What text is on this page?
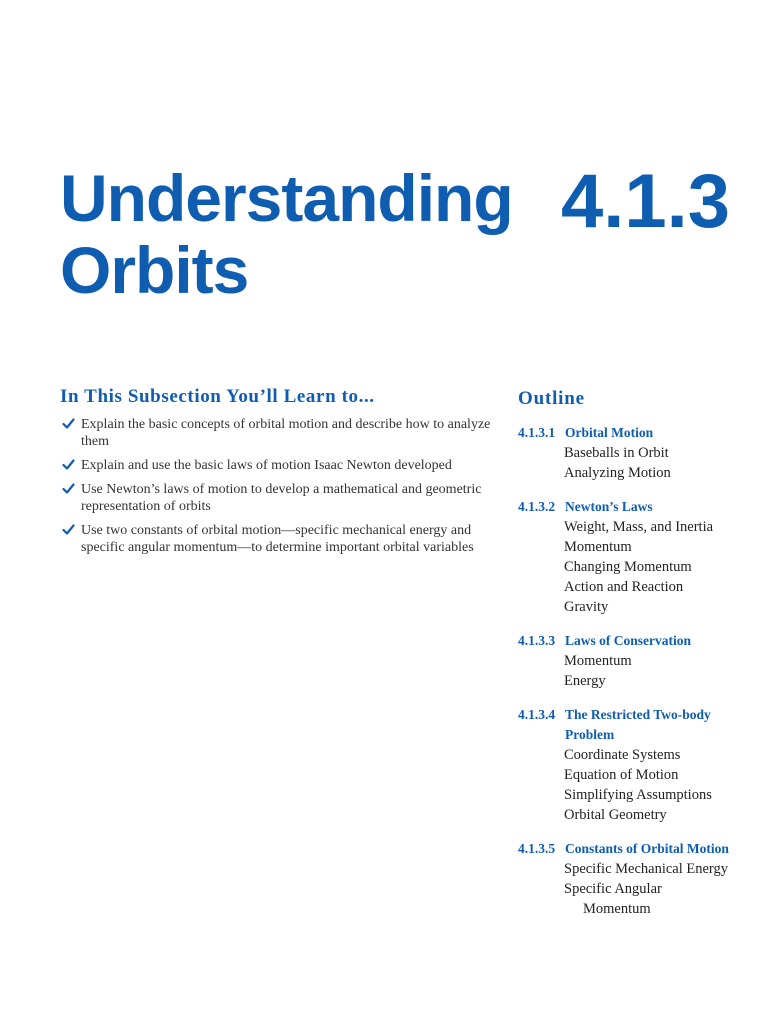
Understanding
Orbits
4.1.3
In This Subsection You’ll Learn to...
Explain the basic concepts of orbital motion and describe how to analyze them
Explain and use the basic laws of motion Isaac Newton developed
Use Newton’s laws of motion to develop a mathematical and geometric representation of orbits
Use two constants of orbital motion—specific mechanical energy and specific angular momentum—to determine important orbital variables
Outline
4.1.3.1 Orbital Motion
Baseballs in Orbit
Analyzing Motion
4.1.3.2 Newton’s Laws
Weight, Mass, and Inertia
Momentum
Changing Momentum
Action and Reaction
Gravity
4.1.3.3 Laws of Conservation
Momentum
Energy
4.1.3.4 The Restricted Two-body Problem
Coordinate Systems
Equation of Motion
Simplifying Assumptions
Orbital Geometry
4.1.3.5 Constants of Orbital Motion
Specific Mechanical Energy
Specific Angular
Momentum
